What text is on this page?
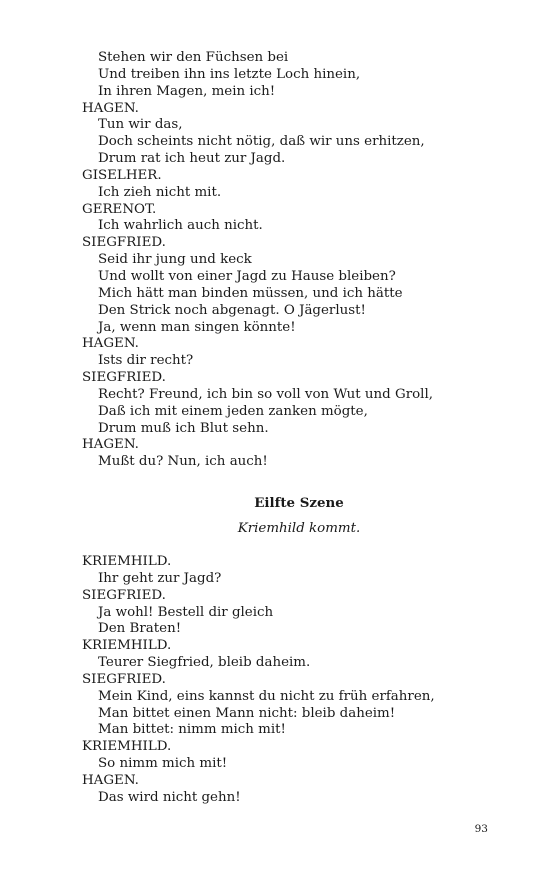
Stehen wir den Füchsen bei
Und treiben ihn ins letzte Loch hinein,
In ihren Magen, mein ich!
HAGEN.
Tun wir das,
Doch scheints nicht nötig, daß wir uns erhitzen,
Drum rat ich heut zur Jagd.
GISELHER.
Ich zieh nicht mit.
GERENOT.
Ich wahrlich auch nicht.
SIEGFRIED.
Seid ihr jung und keck
Und wollt von einer Jagd zu Hause bleiben?
Mich hätt man binden müssen, und ich hätte
Den Strick noch abgenagt. O Jägerlust!
Ja, wenn man singen könnte!
HAGEN.
Ists dir recht?
SIEGFRIED.
Recht? Freund, ich bin so voll von Wut und Groll,
Daß ich mit einem jeden zanken mögte,
Drum muß ich Blut sehn.
HAGEN.
Mußt du? Nun, ich auch!
Eilfte Szene

Kriemhild kommt.

KRIEMHILD.
Ihr geht zur Jagd?
SIEGFRIED.
Ja wohl! Bestell dir gleich
Den Braten!
KRIEMHILD.
Teurer Siegfried, bleib daheim.
SIEGFRIED.
Mein Kind, eins kannst du nicht zu früh erfahren,
Man bittet einen Mann nicht: bleib daheim!
Man bittet: nimm mich mit!
KRIEMHILD.
So nimm mich mit!
HAGEN.
Das wird nicht gehn!
93
